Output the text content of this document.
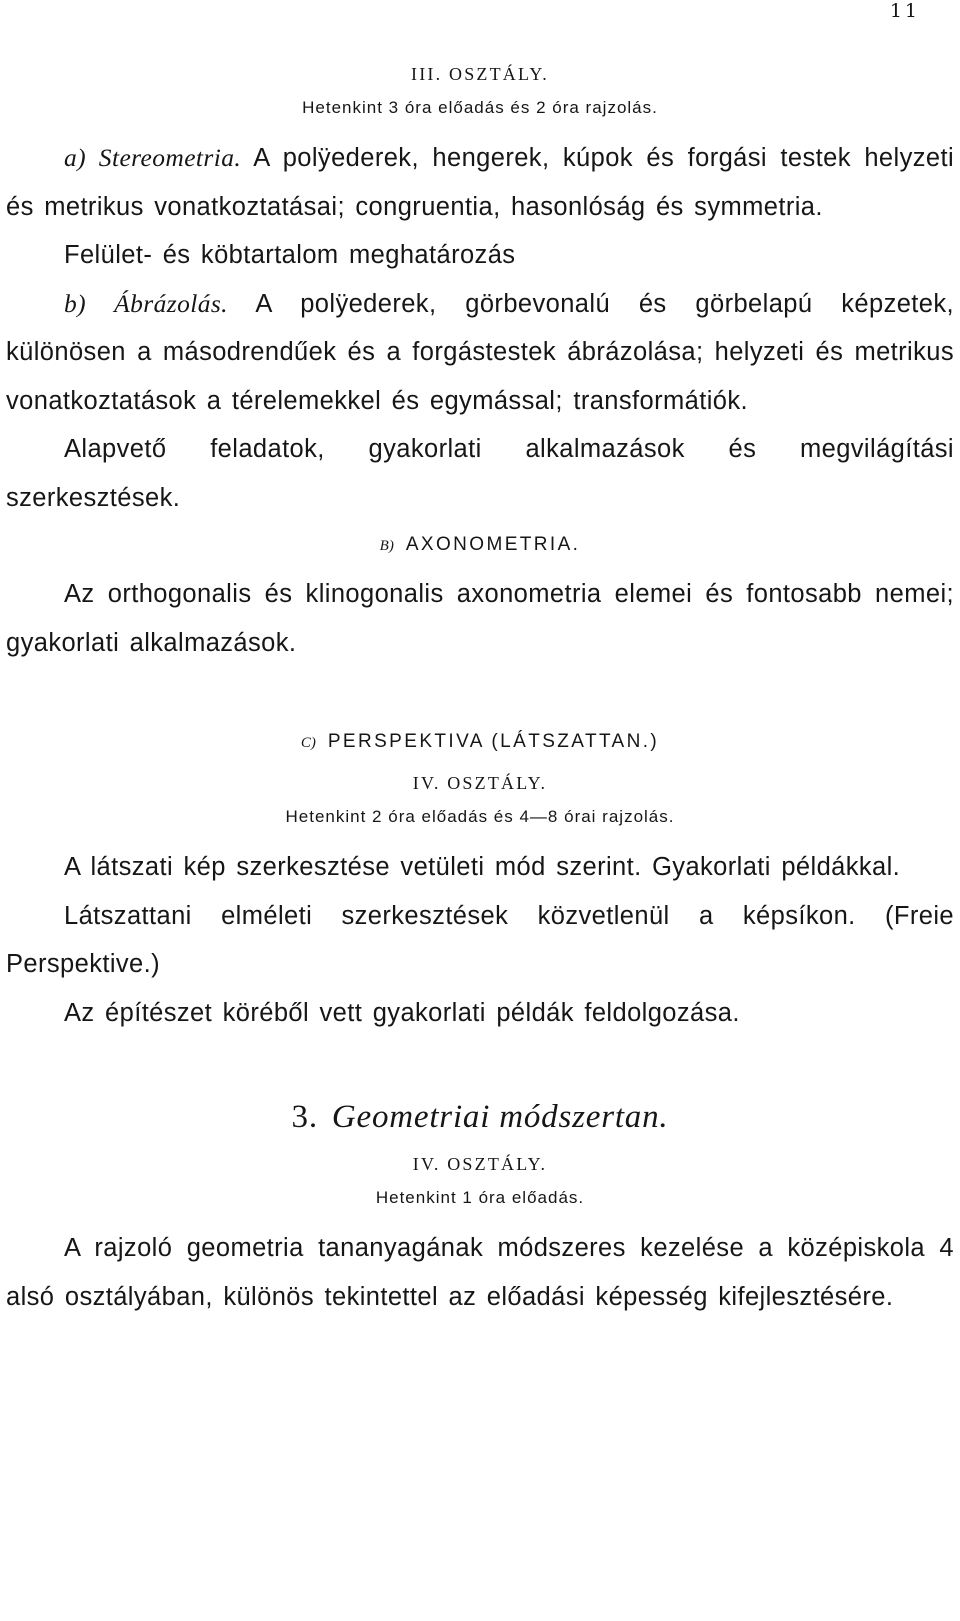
11
III. OSZTÁLY.
Hetenkint 3 óra előadás és 2 óra rajzolás.

a) Stereometria. A polÿederek, hengerek, kúpok és forgási testek helyzeti és metrikus vonatkoztatásai; congruentia, hasonlóság és symmetria.

Felület- és köbtartalom meghatározás

b) Ábrázolás. A polÿederek, görbevonalú és görbelapú képzetek, különösen a másodrendűek és a forgástestek ábrázolása; helyzeti és metrikus vonatkoztatások a térelemekkel és egymással; transformátiók.

Alapvető feladatok, gyakorlati alkalmazások és megvilágítási szerkesztések.

B) AXONOMETRIA.

Az orthogonalis és klinogonalis axonometria elemei és fontosabb nemei; gyakorlati alkalmazások.

C) PERSPEKTIVA (LÁTSZATTAN.)
IV. OSZTÁLY.
Hetenkint 2 óra előadás és 4—8 órai rajzolás.

A látszati kép szerkesztése vetületi mód szerint. Gyakorlati példákkal.

Látszattani elméleti szerkesztések közvetlenül a képsíkon. (Freie Perspektive.)

Az építészet köréből vett gyakorlati példák feldolgozása.

3. Geometriai módszertan.
IV. OSZTÁLY.
Hetenkint 1 óra előadás.

A rajzoló geometria tananyagának módszeres kezelése a középiskola 4 alsó osztályában, különös tekintettel az előadási képesség kifejlesztésére.
